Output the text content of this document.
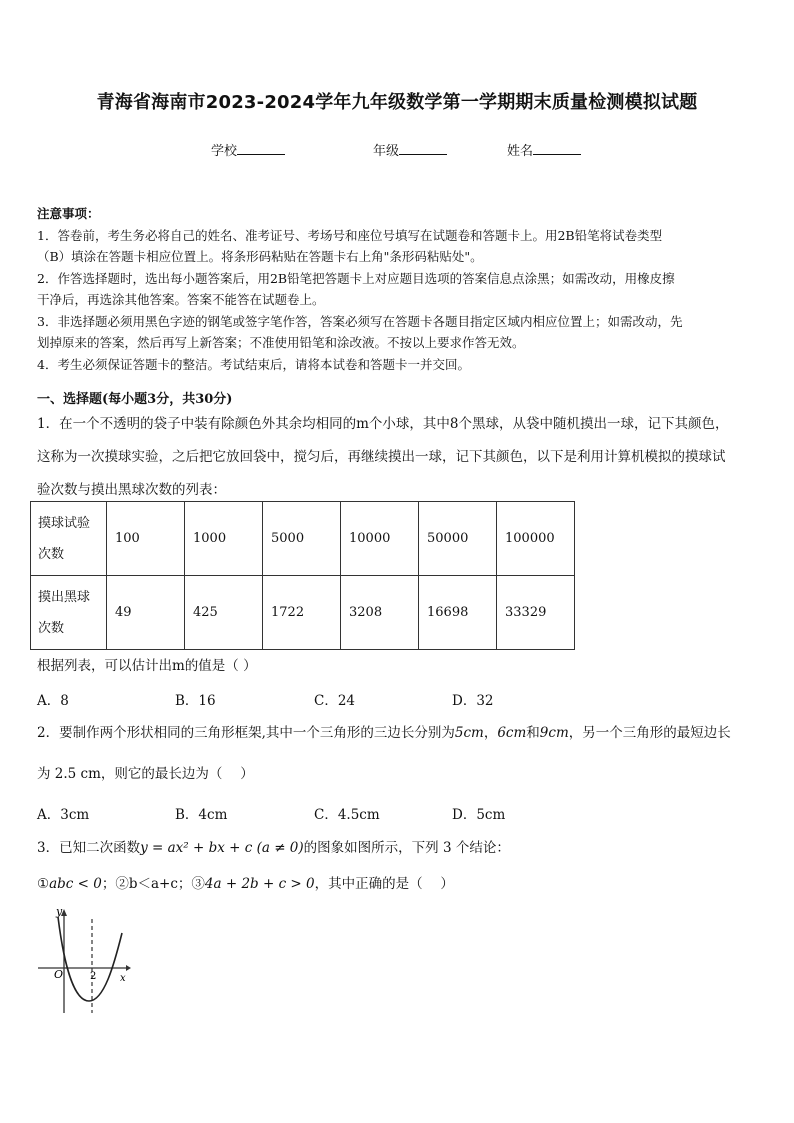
青海省海南市2023-2024学年九年级数学第一学期期末质量检测模拟试题
学校	年级	姓名

注意事项：

1．答卷前，考生务必将自己的姓名、准考证号、考场号和座位号填写在试题卷和答题卡上。用2B铅笔将试卷类型

（B）填涂在答题卡相应位置上。将条形码粘贴在答题卡右上角"条形码粘贴处"。

2．作答选择题时，选出每小题答案后，用2B铅笔把答题卡上对应题目选项的答案信息点涂黑；如需改动，用橡皮擦

干净后，再选涂其他答案。答案不能答在试题卷上。

3．非选择题必须用黑色字迹的钢笔或签字笔作答，答案必须写在答题卡各题目指定区域内相应位置上；如需改动，先

划掉原来的答案，然后再写上新答案；不准使用铅笔和涂改液。不按以上要求作答无效。

4．考生必须保证答题卡的整洁。考试结束后，请将本试卷和答题卡一并交回。

一、选择题(每小题3分，共30分)

1．在一个不透明的袋子中装有除颜色外其余均相同的m个小球，其中8个黑球，从袋中随机摸出一球，记下其颜色，

这称为一次摸球实验，之后把它放回袋中，搅匀后，再继续摸出一球，记下其颜色，以下是利用计算机模拟的摸球试

验次数与摸出黑球次数的列表：

摸球试验
次数	100	1000	5000	10000	50000	100000

摸出黑球
次数	49	425	1722	3208	16698	33329
根据列表，可以估计出m的值是（ ）
A．8	B．16	C．24	D．32

2．要制作两个形状相同的三角形框架,其中一个三角形的三边长分别为5cm，6cm和9cm，另一个三角形的最短边长

为 2.5 cm，则它的最长边为（　 ）
A．3cm	B．4cm	C．4.5cm	D．5cm

3．已知二次函数y = ax² + bx + c (a ≠ 0)的图象如图所示，下列 3 个结论：

①abc < 0；②b＜a+c；③4a + 2b + c > 0，其中正确的是（　 ）

y
x
O	2
